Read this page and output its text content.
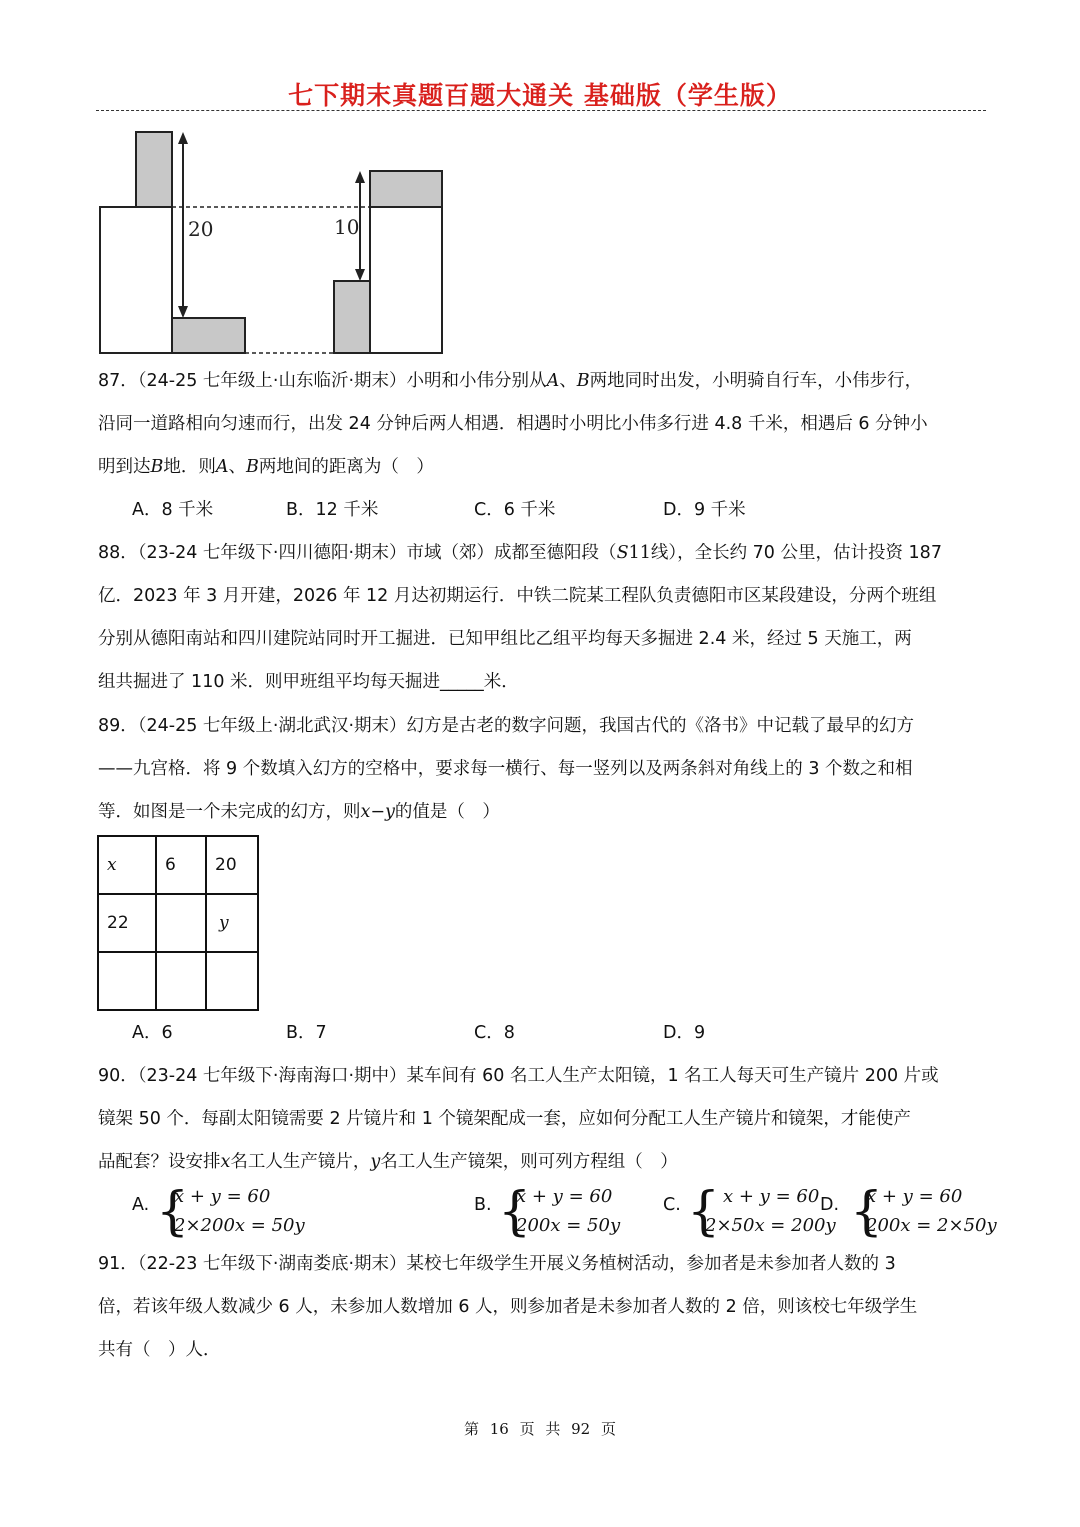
七下期末真题百题大通关 基础版（学生版）
20	10

87．（24-25 七年级上·山东临沂·期末）小明和小伟分别从A、B两地同时出发，小明骑自行车，小伟步行，

沿同一道路相向匀速而行，出发 24 分钟后两人相遇．相遇时小明比小伟多行进 4.8 千米，相遇后 6 分钟小

明到达B地．则A、B两地间的距离为（　）

A．8 千米	B．12 千米	C．6 千米	D．9 千米

88．（23-24 七年级下·四川德阳·期末）市域（郊）成都至德阳段（S11线），全长约 70 公里，估计投资 187

亿．2023 年 3 月开建，2026 年 12 月达初期运行．中铁二院某工程队负责德阳市区某段建设，分两个班组

分别从德阳南站和四川建院站同时开工掘进．已知甲组比乙组平均每天多掘进 2.4 米，经过 5 天施工，两

组共掘进了 110 米．则甲班组平均每天掘进_____米．

89．（24-25 七年级上·湖北武汉·期末）幻方是古老的数字问题，我国古代的《洛书》中记载了最早的幻方

——九宫格．将 9 个数填入幻方的空格中，要求每一横行、每一竖列以及两条斜对角线上的 3 个数之和相

等．如图是一个未完成的幻方，则x−y的值是（　）

x	6	20
22		y

A．6	B．7	C．8	D．9

90．（23-24 七年级下·海南海口·期中）某车间有 60 名工人生产太阳镜，1 名工人每天可生产镜片 200 片或

镜架 50 个．每副太阳镜需要 2 片镜片和 1 个镜架配成一套，应如何分配工人生产镜片和镜架，才能使产

品配套？设安排x名工人生产镜片，y名工人生产镜架，则可列方程组（　）

A. {
x + y = 60
2×200x = 50y
B. {
x + y = 60
200x = 50y
C. { x + y = 60
2×50x = 200y
D. {
x + y = 60
200x = 2×50y

91．（22-23 七年级下·湖南娄底·期末）某校七年级学生开展义务植树活动，参加者是未参加者人数的 3

倍，若该年级人数减少 6 人，未参加人数增加 6 人，则参加者是未参加者人数的 2 倍，则该校七年级学生

共有（　）人．

第 16 页 共 92 页
